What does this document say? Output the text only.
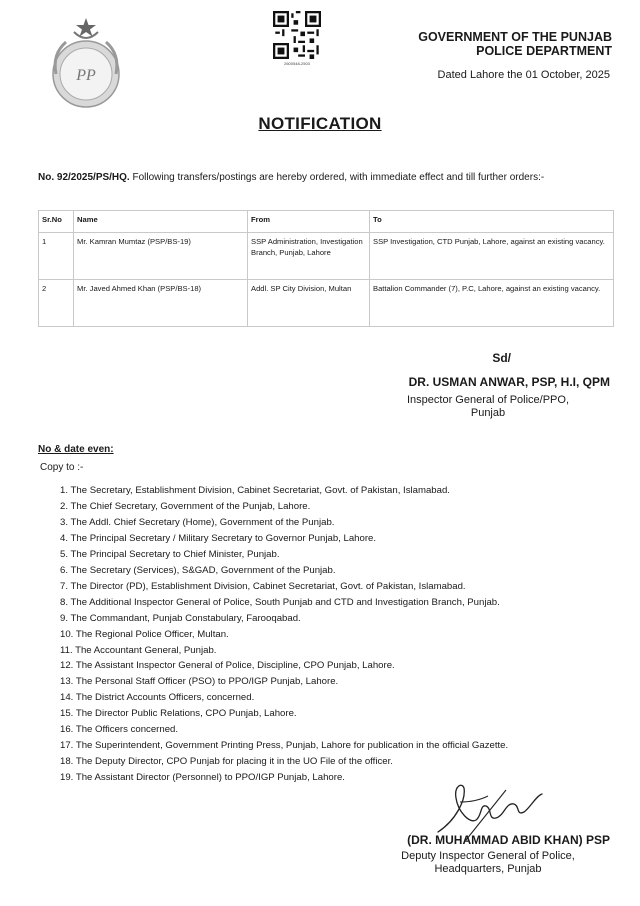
PP
2600548-2503
GOVERNMENT OF THE PUNJAB
POLICE DEPARTMENT
Dated Lahore the 01 October, 2025
NOTIFICATION
No. 92/2025/PS/HQ. Following transfers/postings are hereby ordered, with immediate effect and till further orders:-
Sr.No	Name	From	To
1	Mr. Kamran Mumtaz (PSP/BS-19)	SSP Administration, Investigation Branch, Punjab, Lahore	SSP Investigation, CTD Punjab, Lahore, against an existing vacancy.
2	Mr. Javed Ahmed Khan (PSP/BS-18)	Addl. SP City Division, Multan	Battalion Commander (7), P.C, Lahore, against an existing vacancy.
Sd/
DR. USMAN ANWAR, PSP, H.I, QPM
Inspector General of Police/PPO,
Punjab
No & date even:
Copy to :-
1. The Secretary, Establishment Division, Cabinet Secretariat, Govt. of Pakistan, Islamabad.
2. The Chief Secretary, Government of the Punjab, Lahore.
3. The Addl. Chief Secretary (Home), Government of the Punjab.
4. The Principal Secretary / Military Secretary to Governor Punjab, Lahore.
5. The Principal Secretary to Chief Minister, Punjab.
6. The Secretary (Services), S&GAD, Government of the Punjab.
7. The Director (PD), Establishment Division, Cabinet Secretariat, Govt. of Pakistan, Islamabad.
8. The Additional Inspector General of Police, South Punjab and CTD and Investigation Branch, Punjab.
9. The Commandant, Punjab Constabulary, Farooqabad.
10. The Regional Police Officer, Multan.
11. The Accountant General, Punjab.
12. The Assistant Inspector General of Police, Discipline, CPO Punjab, Lahore.
13. The Personal Staff Officer (PSO) to PPO/IGP Punjab, Lahore.
14. The District Accounts Officers, concerned.
15. The Director Public Relations, CPO Punjab, Lahore.
16. The Officers concerned.
17. The Superintendent, Government Printing Press, Punjab, Lahore for publication in the official Gazette.
18. The Deputy Director, CPO Punjab for placing it in the UO File of the officer.
19. The Assistant Director (Personnel) to PPO/IGP Punjab, Lahore.
(DR. MUHAMMAD ABID KHAN) PSP
Deputy Inspector General of Police,
Headquarters, Punjab
